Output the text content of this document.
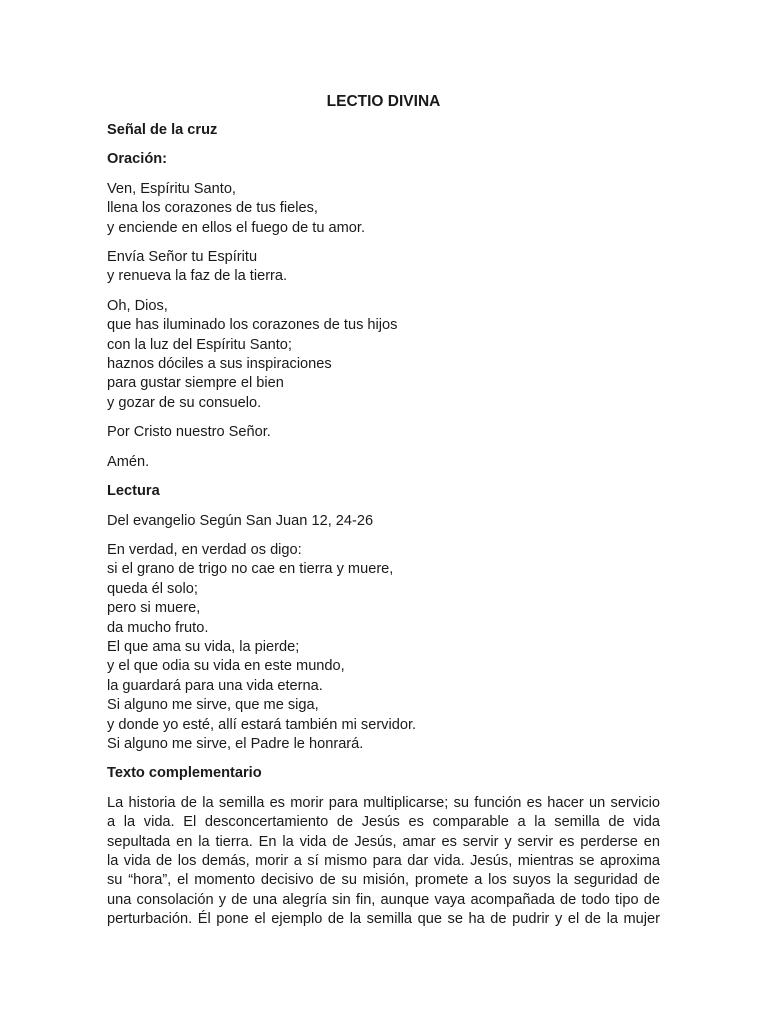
LECTIO DIVINA
Señal de la cruz
Oración:
Ven, Espíritu Santo,
llena los corazones de tus fieles,
y enciende en ellos el fuego de tu amor.
Envía Señor tu Espíritu
y renueva la faz de la tierra.
Oh, Dios,
que has iluminado los corazones de tus hijos
con la luz del Espíritu Santo;
haznos dóciles a sus inspiraciones
para gustar siempre el bien
y gozar de su consuelo.
Por Cristo nuestro Señor.
Amén.
Lectura
Del evangelio Según San Juan 12, 24-26
En verdad, en verdad os digo:
si el grano de trigo no cae en tierra y muere,
queda él solo;
pero si muere,
da mucho fruto.
El que ama su vida, la pierde;
y el que odia su vida en este mundo,
la guardará para una vida eterna.
Si alguno me sirve, que me siga,
y donde yo esté, allí estará también mi servidor.
Si alguno me sirve, el Padre le honrará.
Texto complementario
La historia de la semilla es morir para multiplicarse; su función es hacer un servicio
a la vida. El desconcertamiento de Jesús es comparable a la semilla de vida
sepultada en la tierra. En la vida de Jesús, amar es servir y servir es perderse en
la vida de los demás, morir a sí mismo para dar vida. Jesús, mientras se aproxima
su “hora”, el momento decisivo de su misión, promete a los suyos la seguridad de
una consolación y de una alegría sin fin, aunque vaya acompañada de todo tipo de
perturbación. Él pone el ejemplo de la semilla que se ha de pudrir y el de la mujer
